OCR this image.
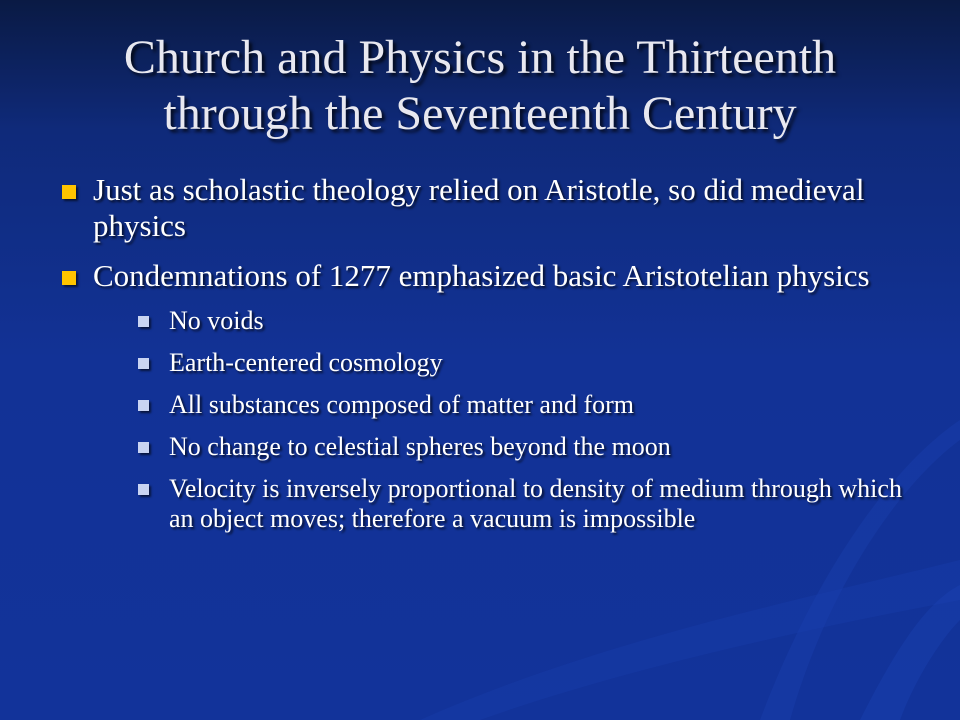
Church and Physics in the Thirteenth
through the Seventeenth Century
Just as scholastic theology relied on Aristotle, so did medieval physics
Condemnations of 1277 emphasized basic Aristotelian physics
No voids
Earth-centered cosmology
All substances composed of matter and form
No change to celestial spheres beyond the moon
Velocity is inversely proportional to density of medium through which an object moves; therefore a vacuum is impossible
